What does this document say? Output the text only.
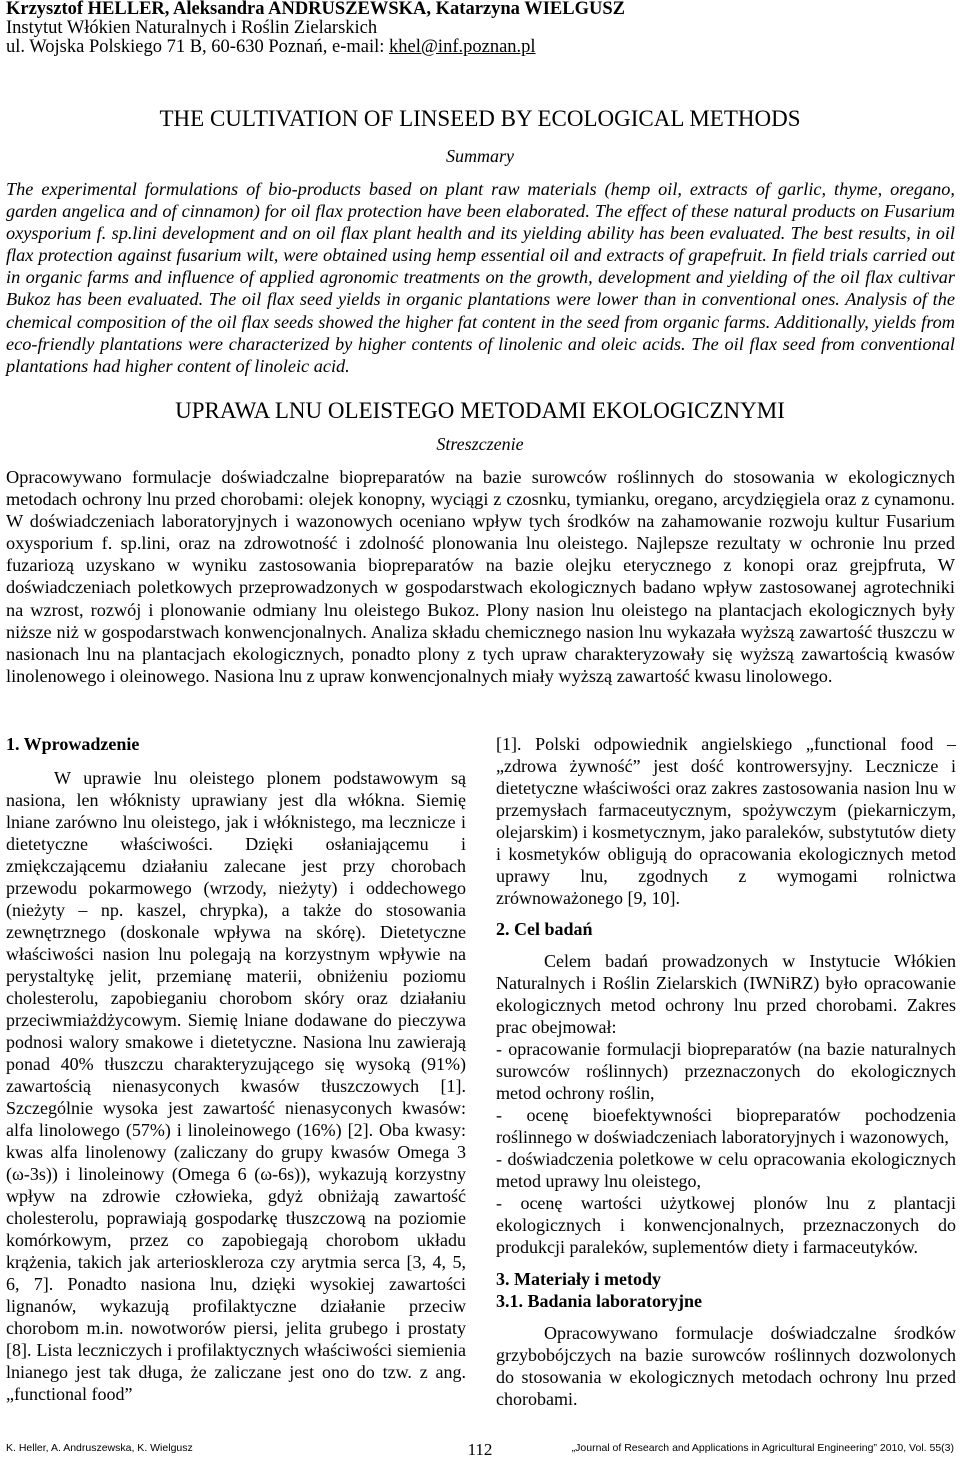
Krzysztof HELLER, Aleksandra ANDRUSZEWSKA, Katarzyna WIELGUSZ
Instytut Włókien Naturalnych i Roślin Zielarskich
ul. Wojska Polskiego 71 B, 60-630 Poznań, e-mail: khel@inf.poznan.pl
THE CULTIVATION OF LINSEED BY ECOLOGICAL METHODS
Summary
The experimental formulations of bio-products based on plant raw materials (hemp oil, extracts of garlic, thyme, oregano, garden angelica and of cinnamon) for oil flax protection have been elaborated. The effect of these natural products on Fusarium oxysporium f. sp.lini development and on oil flax plant health and its yielding ability has been evaluated. The best results, in oil flax protection against fusarium wilt, were obtained using hemp essential oil and extracts of grapefruit. In field trials carried out in organic farms and influence of applied agronomic treatments on the growth, development and yielding of the oil flax cultivar Bukoz has been evaluated. The oil flax seed yields in organic plantations were lower than in conventional ones. Analysis of the chemical composition of the oil flax seeds showed the higher fat content in the seed from organic farms. Additionally, yields from eco-friendly plantations were characterized by higher contents of linolenic and oleic acids. The oil flax seed from conventional plantations had higher content of linoleic acid.
UPRAWA LNU OLEISTEGO METODAMI EKOLOGICZNYMI
Streszczenie
Opracowywano formulacje doświadczalne biopreparatów na bazie surowców roślinnych do stosowania w ekologicznych metodach ochrony lnu przed chorobami: olejek konopny, wyciągi z czosnku, tymianku, oregano, arcydzięgiela oraz z cynamonu. W doświadczeniach laboratoryjnych i wazonowych oceniano wpływ tych środków na zahamowanie rozwoju kultur Fusarium oxysporium f. sp.lini, oraz na zdrowotność i zdolność plonowania lnu oleistego. Najlepsze rezultaty w ochronie lnu przed fuzariozą uzyskano w wyniku zastosowania biopreparatów na bazie olejku eterycznego z konopi oraz grejpfruta, W doświadczeniach poletkowych przeprowadzonych w gospodarstwach ekologicznych badano wpływ zastosowanej agrotechniki na wzrost, rozwój i plonowanie odmiany lnu oleistego Bukoz. Plony nasion lnu oleistego na plantacjach ekologicznych były niższe niż w gospodarstwach konwencjonalnych. Analiza składu chemicznego nasion lnu wykazała wyższą zawartość tłuszczu w nasionach lnu na plantacjach ekologicznych, ponadto plony z tych upraw charakteryzowały się wyższą zawartością kwasów linolenowego i oleinowego. Nasiona lnu z upraw konwencjonalnych miały wyższą zawartość kwasu linolowego.

1. Wprowadzenie

W uprawie lnu oleistego plonem podstawowym są nasiona, len włóknisty uprawiany jest dla włókna. Siemię lniane zarówno lnu oleistego, jak i włóknistego, ma lecznicze i dietetyczne właściwości. Dzięki osłaniającemu i zmiękczającemu działaniu zalecane jest przy chorobach przewodu pokarmowego (wrzody, nieżyty) i oddechowego (nieżyty – np. kaszel, chrypka), a także do stosowania zewnętrznego (doskonale wpływa na skórę). Dietetyczne właściwości nasion lnu polegają na korzystnym wpływie na perystaltykę jelit, przemianę materii, obniżeniu poziomu cholesterolu, zapobieganiu chorobom skóry oraz działaniu przeciwmiażdżycowym. Siemię lniane dodawane do pieczywa podnosi walory smakowe i dietetyczne. Nasiona lnu zawierają ponad 40% tłuszczu charakteryzującego się wysoką (91%) zawartością nienasyconych kwasów tłuszczowych [1]. Szczególnie wysoka jest zawartość nienasyconych kwasów: alfa linolowego (57%) i linoleinowego (16%) [2]. Oba kwasy: kwas alfa linolenowy (zaliczany do grupy kwasów Omega 3 (ω-3s)) i linoleinowy (Omega 6 (ω-6s)), wykazują korzystny wpływ na zdrowie człowieka, gdyż obniżają zawartość cholesterolu, poprawiają gospodarkę tłuszczową na poziomie komórkowym, przez co zapobiegają chorobom układu krążenia, takich jak arterioskleroza czy arytmia serca [3, 4, 5, 6, 7]. Ponadto nasiona lnu, dzięki wysokiej zawartości lignanów, wykazują profilaktyczne działanie przeciw chorobom m.in. nowotworów piersi, jelita grubego i prostaty [8]. Lista leczniczych i profilaktycznych właściwości siemienia lnianego jest tak długa, że zaliczane jest ono do tzw. z ang. „functional food”

[1]. Polski odpowiednik angielskiego „functional food – „zdrowa żywność” jest dość kontrowersyjny. Lecznicze i dietetyczne właściwości oraz zakres zastosowania nasion lnu w przemysłach farmaceutycznym, spożywczym (piekarniczym, olejarskim) i kosmetycznym, jako paraleków, substytutów diety i kosmetyków obligują do opracowania ekologicznych metod uprawy lnu, zgodnych z wymogami rolnictwa zrównoważonego [9, 10].

2. Cel badań

Celem badań prowadzonych w Instytucie Włókien Naturalnych i Roślin Zielarskich (IWNiRZ) było opracowanie ekologicznych metod ochrony lnu przed chorobami. Zakres prac obejmował:

- opracowanie formulacji biopreparatów (na bazie naturalnych surowców roślinnych) przeznaczonych do ekologicznych metod ochrony roślin,

- ocenę bioefektywności biopreparatów pochodzenia roślinnego w doświadczeniach laboratoryjnych i wazonowych,

- doświadczenia poletkowe w celu opracowania ekologicznych metod uprawy lnu oleistego,

- ocenę wartości użytkowej plonów lnu z plantacji ekologicznych i konwencjonalnych, przeznaczonych do produkcji paraleków, suplementów diety i farmaceutyków.

3. Materiały i metody

3.1. Badania laboratoryjne

Opracowywano formulacje doświadczalne środków grzybobójczych na bazie surowców roślinnych dozwolonych do stosowania w ekologicznych metodach ochrony lnu przed chorobami.

K. Heller, A. Andruszewska, K. Wielgusz	112	„Journal of Research and Applications in Agricultural Engineering” 2010, Vol. 55(3)
